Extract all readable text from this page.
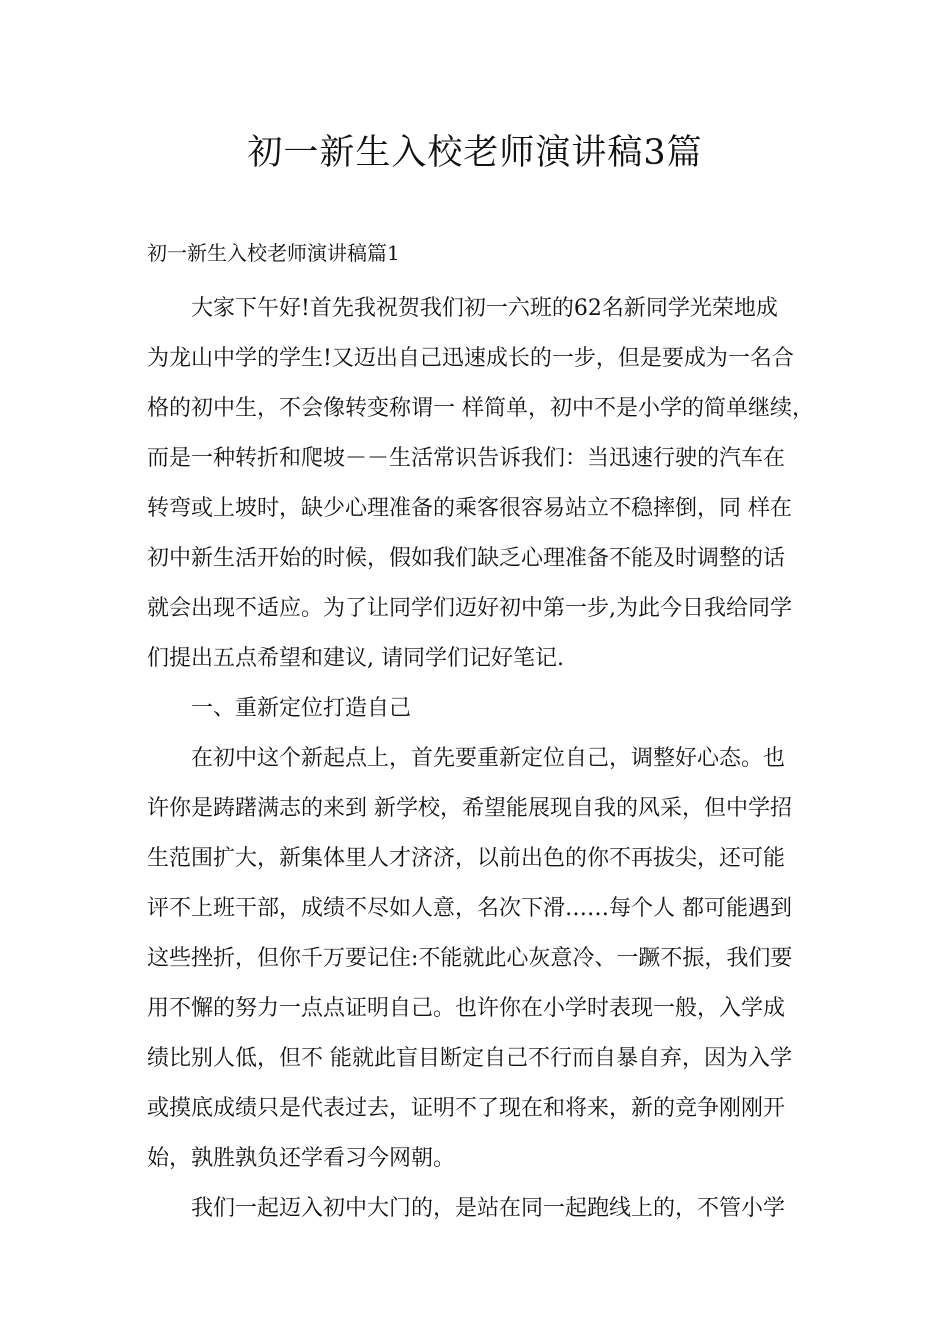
初一新生入校老师演讲稿3篇
初一新生入校老师演讲稿篇1
大家下午好!首先我祝贺我们初一六班的62名新同学光荣地成
为龙山中学的学生!又迈出自己迅速成长的一步，但是要成为一名合
格的初中生，不会像转变称谓一 样简单，初中不是小学的简单继续，
而是一种转折和爬坡－－生活常识告诉我们：当迅速行驶的汽车在
转弯或上坡时，缺少心理准备的乘客很容易站立不稳摔倒，同 样在
初中新生活开始的时候，假如我们缺乏心理准备不能及时调整的话
就会出现不适应。为了让同学们迈好初中第一步,为此今日我给同学
们提出五点希望和建议, 请同学们记好笔记.
一、重新定位打造自己
在初中这个新起点上，首先要重新定位自己，调整好心态。也
许你是踌躇满志的来到 新学校，希望能展现自我的风采，但中学招
生范围扩大，新集体里人才济济，以前出色的你不再拔尖，还可能
评不上班干部，成绩不尽如人意，名次下滑……每个人 都可能遇到
这些挫折，但你千万要记住:不能就此心灰意冷、一蹶不振，我们要
用不懈的努力一点点证明自己。也许你在小学时表现一般，入学成
绩比别人低，但不 能就此盲目断定自己不行而自暴自弃，因为入学
或摸底成绩只是代表过去，证明不了现在和将来，新的竞争刚刚开
始，孰胜孰负还学看习今网朝。
我们一起迈入初中大门的，是站在同一起跑线上的，不管小学
